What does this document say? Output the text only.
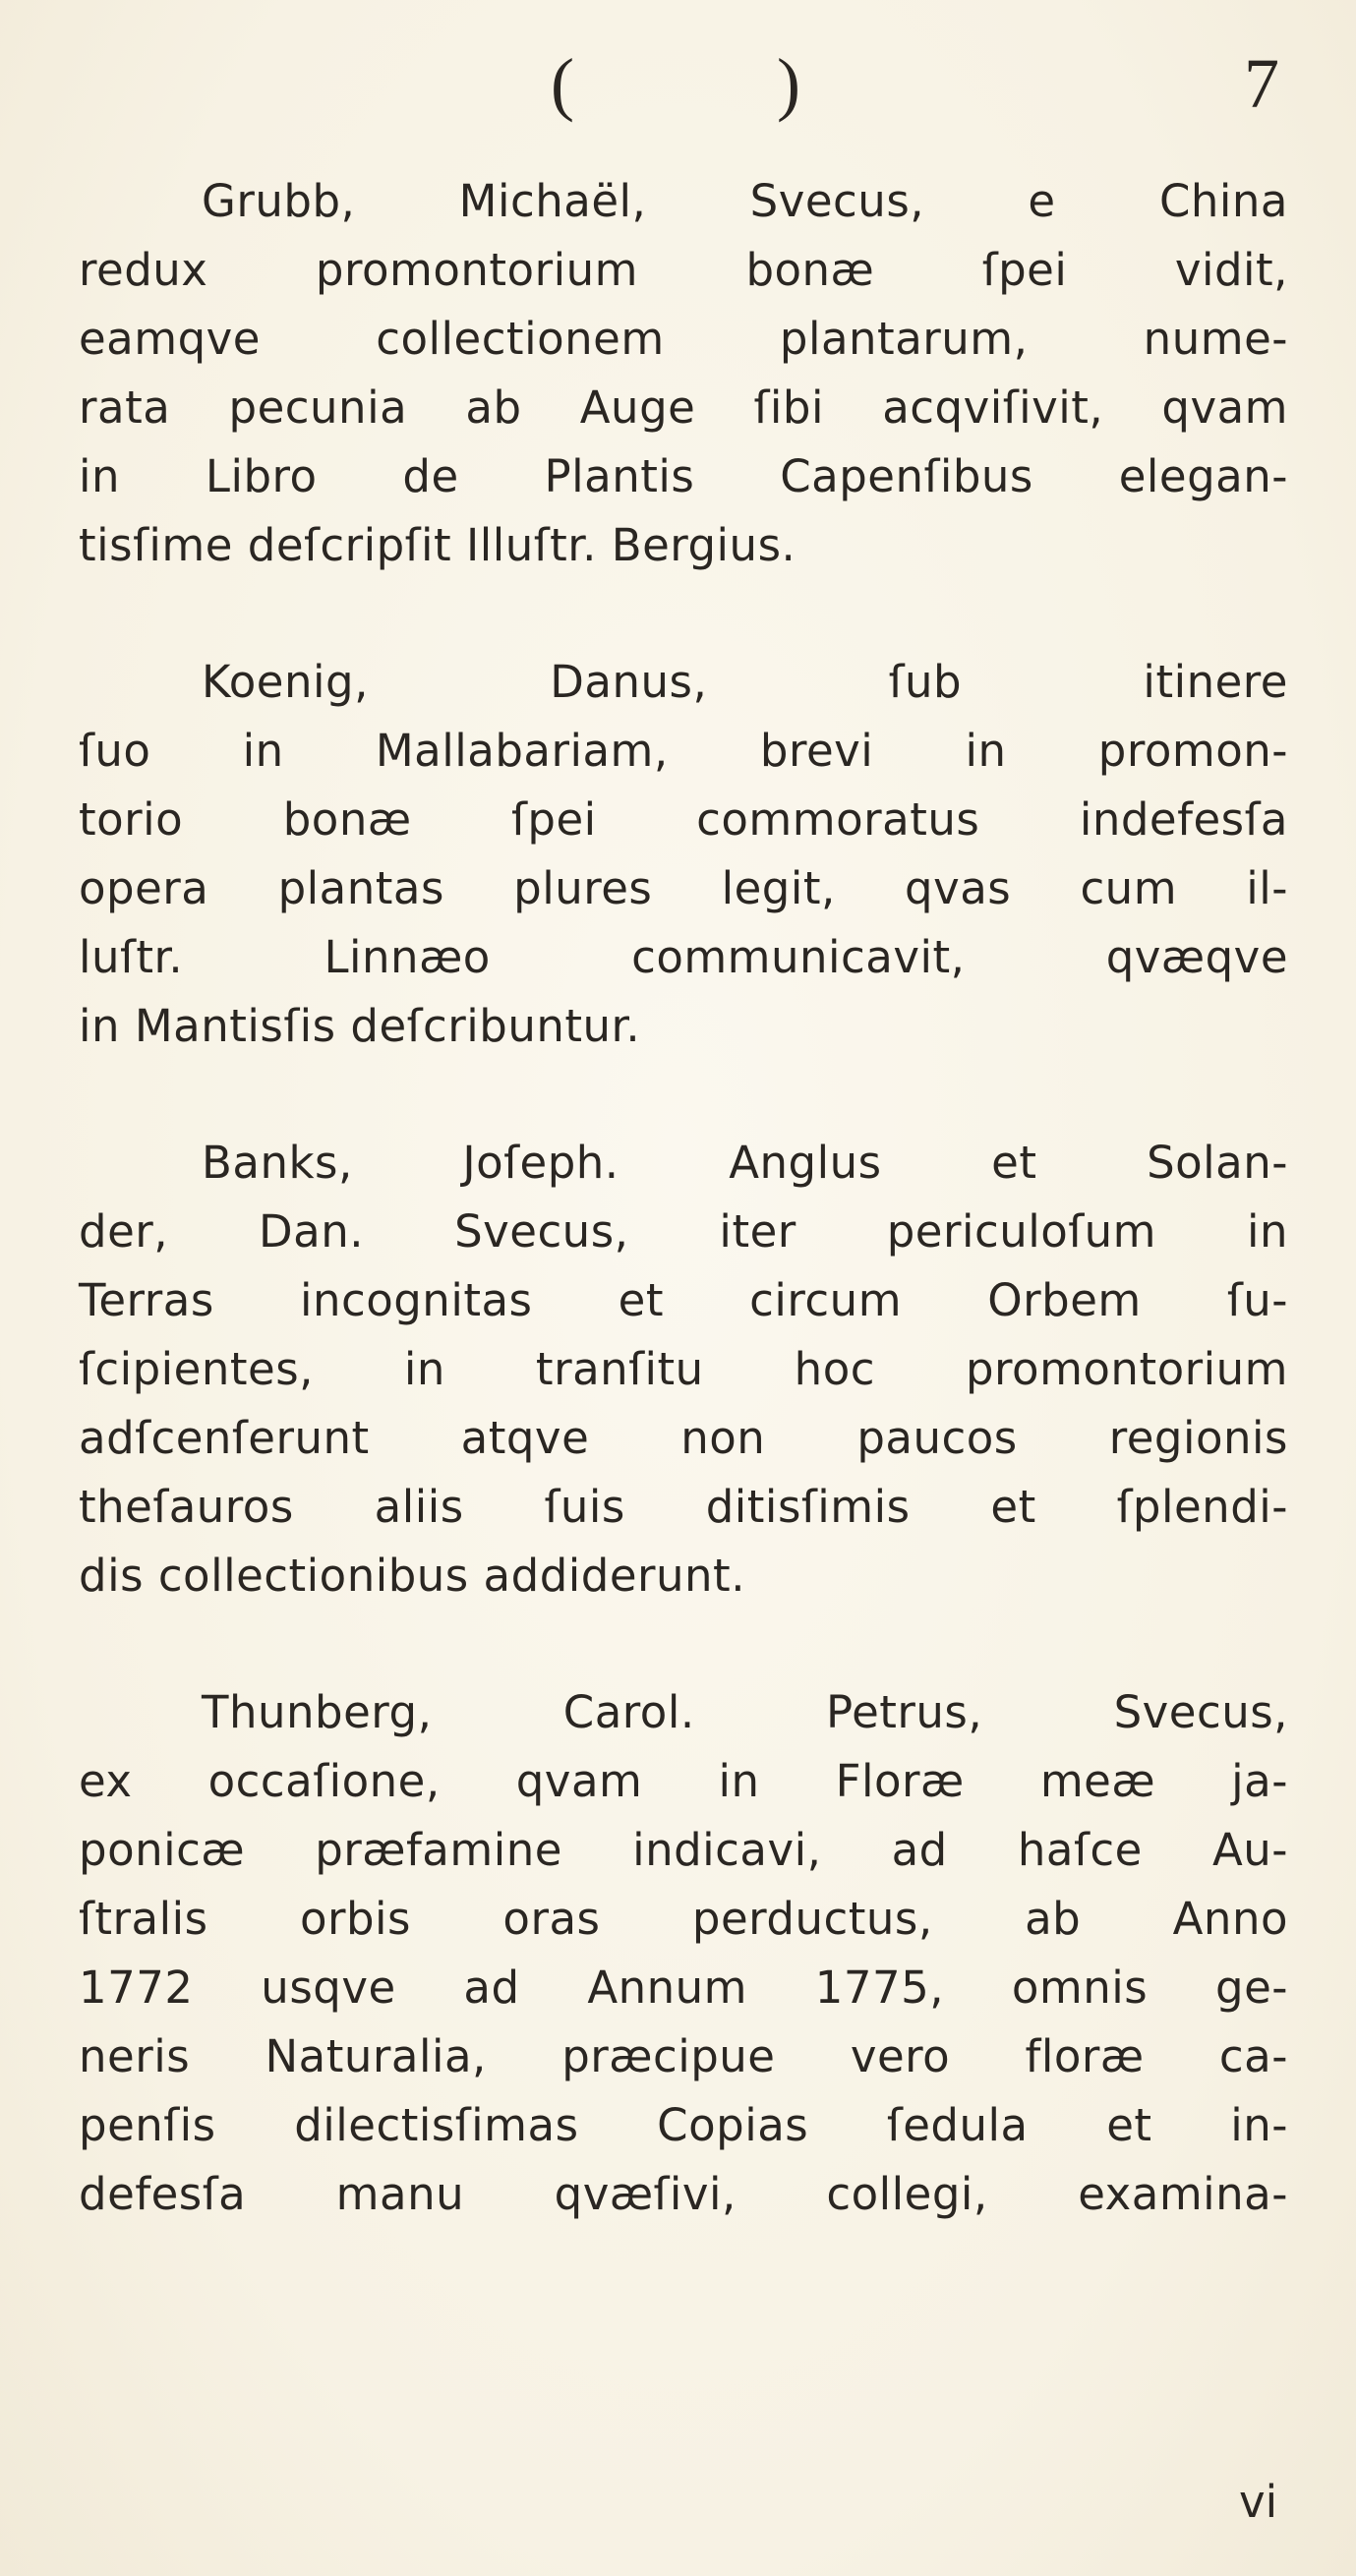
(	)	7
Grubb, Michaël, Svecus, e China
redux promontorium bonæ ſpei vidit,
eamqve collectionem plantarum, nume-
rata pecunia ab Auge ſibi acqviſivit, qvam
in Libro de Plantis Capenſibus elegan-
tisſime deſcripſit Illuſtr. Bergius.
Koenig, Danus, ſub itinere
ſuo in Mallabariam, brevi in promon-
torio bonæ ſpei commoratus indefesſa
opera plantas plures legit, qvas cum il-
luſtr. Linnæo communicavit, qvæqve
in Mantisſis deſcribuntur.
Banks, Joſeph. Anglus et Solan-
der, Dan. Svecus, iter periculoſum in
Terras incognitas et circum Orbem ſu-
ſcipientes, in tranſitu hoc promontorium
adſcenſerunt atqve non paucos regionis
theſauros aliis ſuis ditisſimis et ſplendi-
dis collectionibus addiderunt.
Thunberg, Carol. Petrus, Svecus,
ex occaſione, qvam in Floræ meæ ja-
ponicæ præfamine indicavi, ad haſce Au-
ſtralis orbis oras perductus, ab Anno
1772 usqve ad Annum 1775, omnis ge-
neris Naturalia, præcipue vero floræ ca-
penſis dilectisſimas Copias ſedula et in-
defesſa manu qvæſivi, collegi, examina-
vi
